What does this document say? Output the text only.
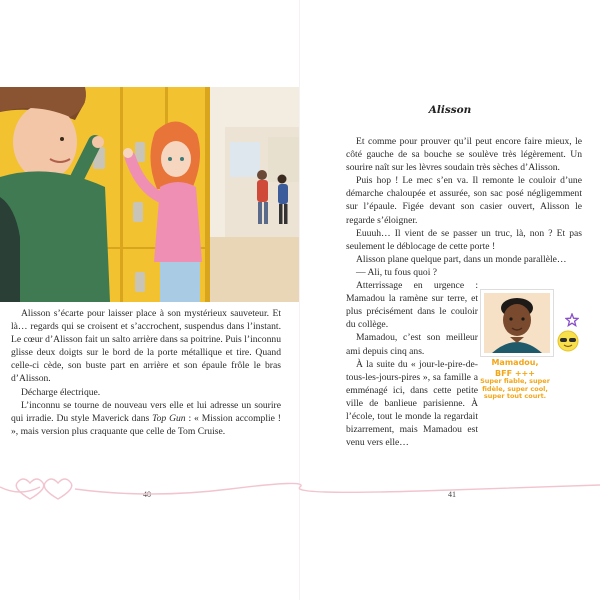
Alisson s’écarte pour laisser place à son mystérieux sauveteur. Et là… regards qui se croisent et s’accrochent, suspendus dans l’instant. Le cœur d’Alisson fait un salto arrière dans sa poitrine. Puis l’inconnu glisse deux doigts sur le bord de la porte métallique et tire. Quand celle-ci cède, son buste part en arrière et son épaule frôle le bras d’Alisson.

Décharge électrique.

L’inconnu se tourne de nouveau vers elle et lui adresse un sourire qui irradie. Du style Maverick dans Top Gun : « Mission accomplie ! », mais version plus craquante que celle de Tom Cruise.

40
Alisson

Et comme pour prouver qu’il peut encore faire mieux, le côté gauche de sa bouche se soulève très légèrement. Un sourire naît sur les lèvres soudain très sèches d’Alisson.

Puis hop ! Le mec s’en va. Il remonte le couloir d’une démarche chaloupée et assurée, son sac posé négligemment sur l’épaule. Figée devant son casier ouvert, Alisson le regarde s’éloigner.

Euuuh… Il vient de se passer un truc, là, non ? Et pas seulement le déblocage de cette porte !

Alisson plane quelque part, dans un monde parallèle…

— Ali, tu fous quoi ?

Atterrissage en urgence : Mamadou la ramène sur terre, et plus précisément dans le couloir du collège.

Mamadou, c’est son meilleur ami depuis cinq ans.

À la suite du « jour-le-pire-de-tous-les-jours-pires », sa famille a emménagé ici, dans cette petite ville de banlieue parisienne. À l’école, tout le monde la regardait bizarrement, mais Mamadou est venu vers elle…

Mamadou,
BFF +++
Super fiable, super fidèle, super cool, super tout court.
41
